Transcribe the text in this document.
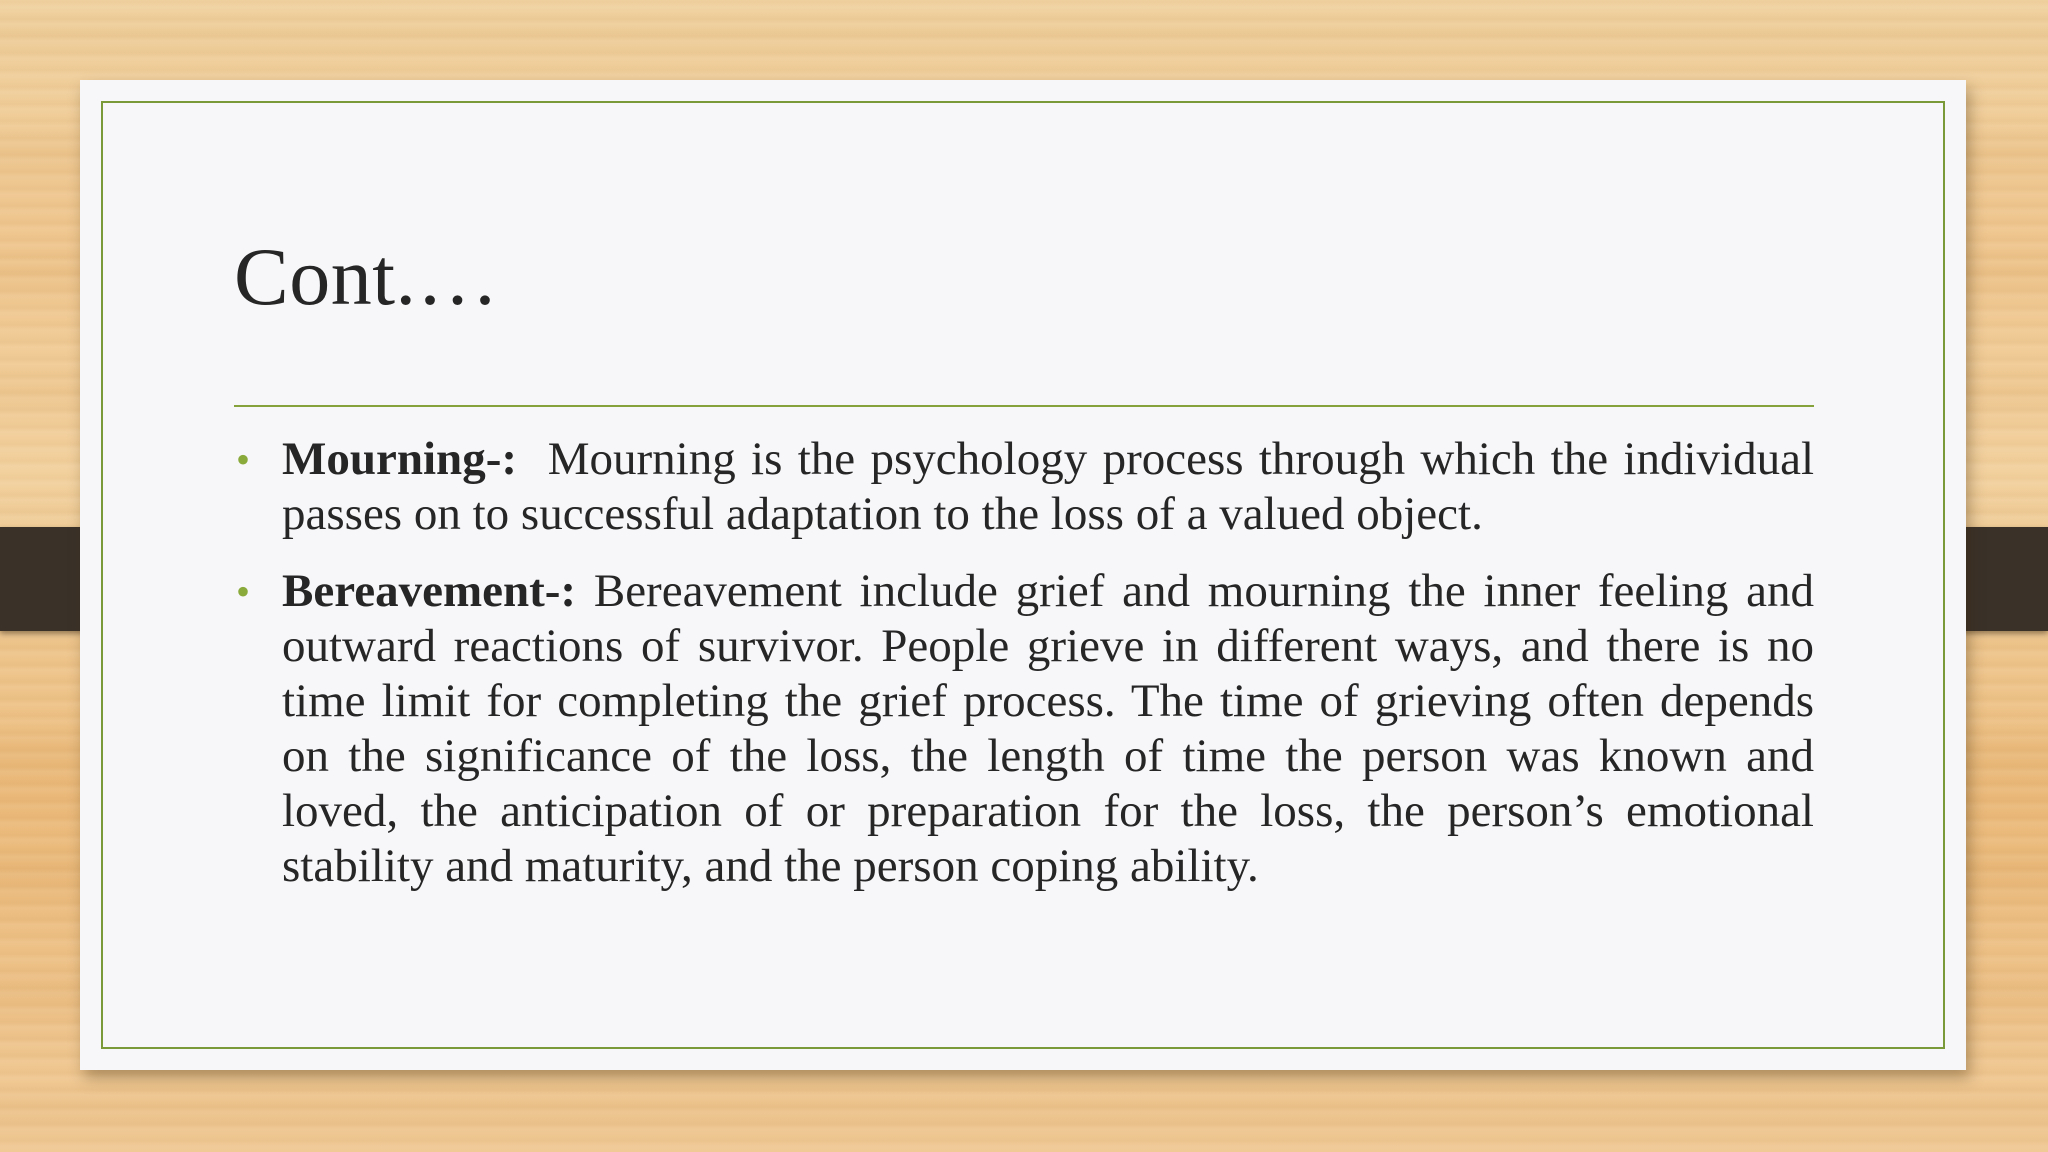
Cont.…
• Mourning-: Mourning is the psychology process through which the individual passes on to successful adaptation to the loss of a valued object.
• Bereavement-: Bereavement include grief and mourning the inner feeling and outward reactions of survivor. People grieve in different ways, and there is no time limit for completing the grief process. The time of grieving often depends on the significance of the loss, the length of time the person was known and loved, the anticipation of or preparation for the loss, the person’s emotional stability and maturity, and the person coping ability.
